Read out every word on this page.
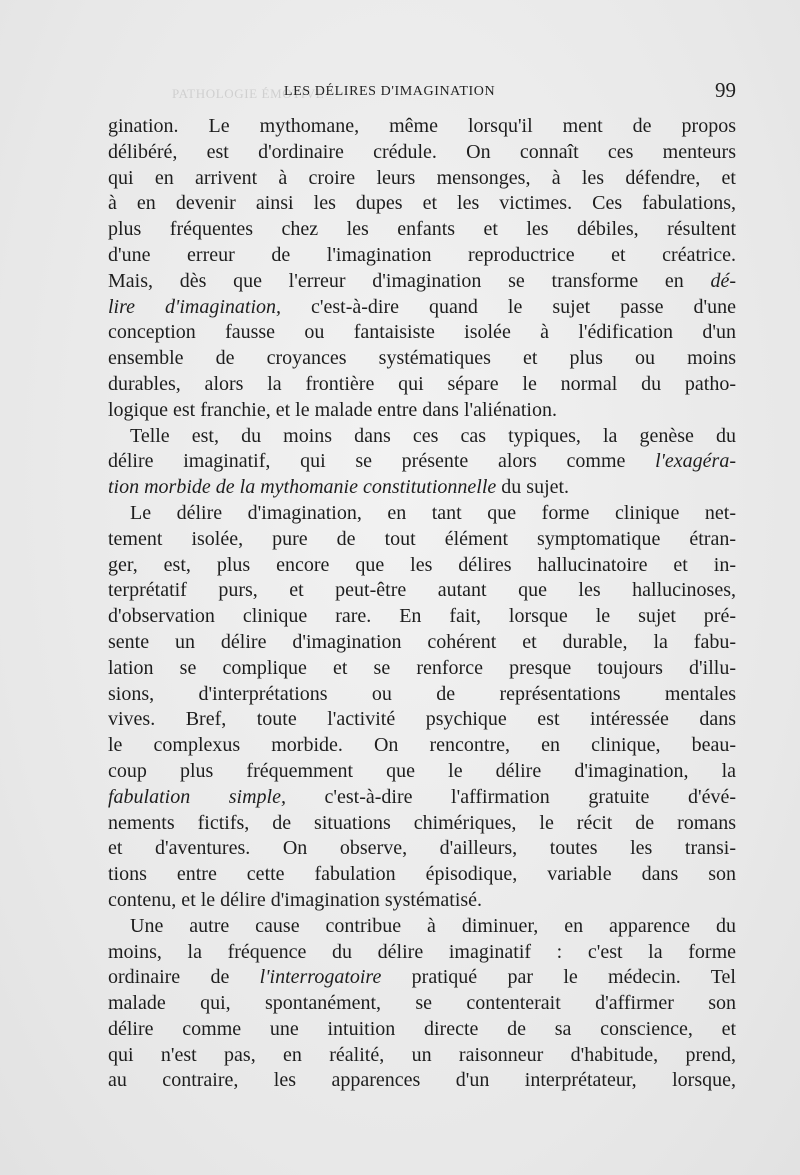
PATHOLOGIE ÉMOTIVE
LES DÉLIRES D'IMAGINATION	99
gination. Le mythomane, même lorsqu'il ment de propos
délibéré, est d'ordinaire crédule. On connaît ces menteurs
qui en arrivent à croire leurs mensonges, à les défendre, et
à en devenir ainsi les dupes et les victimes. Ces fabulations,
plus fréquentes chez les enfants et les débiles, résultent
d'une erreur de l'imagination reproductrice et créatrice.
Mais, dès que l'erreur d'imagination se transforme en dé-
lire d'imagination, c'est-à-dire quand le sujet passe d'une
conception fausse ou fantaisiste isolée à l'édification d'un
ensemble de croyances systématiques et plus ou moins
durables, alors la frontière qui sépare le normal du patho-
logique est franchie, et le malade entre dans l'aliénation.
Telle est, du moins dans ces cas typiques, la genèse du
délire imaginatif, qui se présente alors comme l'exagéra-
tion morbide de la mythomanie constitutionnelle du sujet.
Le délire d'imagination, en tant que forme clinique net-
tement isolée, pure de tout élément symptomatique étran-
ger, est, plus encore que les délires hallucinatoire et in-
terprétatif purs, et peut-être autant que les hallucinoses,
d'observation clinique rare. En fait, lorsque le sujet pré-
sente un délire d'imagination cohérent et durable, la fabu-
lation se complique et se renforce presque toujours d'illu-
sions, d'interprétations ou de représentations mentales
vives. Bref, toute l'activité psychique est intéressée dans
le complexus morbide. On rencontre, en clinique, beau-
coup plus fréquemment que le délire d'imagination, la
fabulation simple, c'est-à-dire l'affirmation gratuite d'évé-
nements fictifs, de situations chimériques, le récit de romans
et d'aventures. On observe, d'ailleurs, toutes les transi-
tions entre cette fabulation épisodique, variable dans son
contenu, et le délire d'imagination systématisé.
Une autre cause contribue à diminuer, en apparence du
moins, la fréquence du délire imaginatif : c'est la forme
ordinaire de l'interrogatoire pratiqué par le médecin. Tel
malade qui, spontanément, se contenterait d'affirmer son
délire comme une intuition directe de sa conscience, et
qui n'est pas, en réalité, un raisonneur d'habitude, prend,
au contraire, les apparences d'un interprétateur, lorsque,
